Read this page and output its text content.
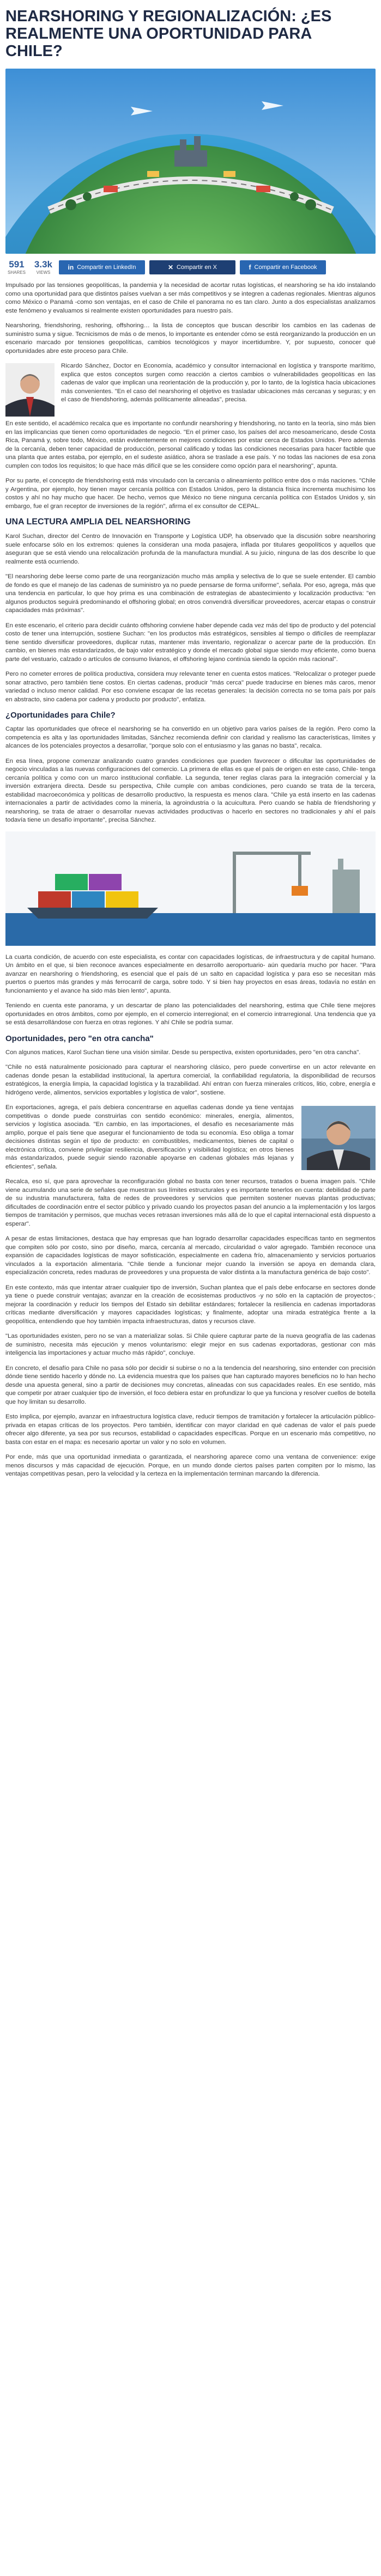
NEARSHORING Y REGIONALIZACIÓN: ¿ES REALMENTE UNA OPORTUNIDAD PARA CHILE?
591
SHARES
3.3k
VIEWS
in Compartir en LinkedIn	✕ Compartir en X	f Compartir en Facebook

Impulsado por las tensiones geopolíticas, la pandemia y la necesidad de acortar rutas logísticas, el nearshoring se ha ido instalando como una oportunidad para que distintos países vuelvan a ser más competitivos y se integren a cadenas regionales. Mientras algunos como México o Panamá -como son ventajas, en el caso de Chile el panorama no es tan claro. Junto a dos especialistas analizamos este fenómeno y evaluamos si realmente existen oportunidades para nuestro país.

Nearshoring, friendshoring, reshoring, offshoring… la lista de conceptos que buscan describir los cambios en las cadenas de suministro suma y sigue. Tecnicismos de más o de menos, lo importante es entender cómo se está reorganizando la producción en un escenario marcado por tensiones geopolíticas, cambios tecnológicos y mayor incertidumbre. Y, por supuesto, conocer qué oportunidades abre este proceso para Chile.

Ricardo Sánchez, Doctor en Economía, académico y consultor internacional en logística y transporte marítimo, explica que estos conceptos surgen como reacción a ciertos cambios o vulnerabilidades geopolíticas en las cadenas de valor que implican una reorientación de la producción y, por lo tanto, de la logística hacia ubicaciones más convenientes. "En el caso del nearshoring el objetivo es trasladar ubicaciones más cercanas y seguras; y en el caso de friendshoring, además políticamente alineadas", precisa.

En este sentido, el académico recalca que es importante no confundir nearshoring y friendshoring, no tanto en la teoría, sino más bien en las implicancias que tienen como oportunidades de negocio. "En el primer caso, los países del arco mesoamericano, desde Costa Rica, Panamá y, sobre todo, México, están evidentemente en mejores condiciones por estar cerca de Estados Unidos. Pero además de la cercanía, deben tener capacidad de producción, personal calificado y todas las condiciones necesarias para hacer factible que una planta que antes estaba, por ejemplo, en el sudeste asiático, ahora se traslade a ese país. Y no todas las naciones de esa zona cumplen con todos los requisitos; lo que hace más difícil que se les considere como opción para el nearshoring", apunta.

Por su parte, el concepto de friendshoring está más vinculado con la cercanía o alineamiento político entre dos o más naciones. "Chile y Argentina, por ejemplo, hoy tienen mayor cercanía política con Estados Unidos, pero la distancia física incrementa muchísimo los costos y ahí no hay mucho que hacer. De hecho, vemos que México no tiene ninguna cercanía política con Estados Unidos y, sin embargo, fue el gran receptor de inversiones de la región", afirma el ex consultor de CEPAL.

UNA LECTURA AMPLIA DEL NEARSHORING

Karol Suchan, director del Centro de Innovación en Transporte y Logística UDP, ha observado que la discusión sobre nearshoring suele enfocarse sólo en los extremos: quienes la consideran una moda pasajera, inflada por titulares geopolíticos y aquellos que aseguran que se está viendo una relocalización profunda de la manufactura mundial. A su juicio, ninguna de las dos describe lo que realmente está ocurriendo.

"El nearshoring debe leerse como parte de una reorganización mucho más amplia y selectiva de lo que se suele entender. El cambio de fondo es que el manejo de las cadenas de suministro ya no puede pensarse de forma uniforme", señala. Por eso, agrega, más que una tendencia en particular, lo que hoy prima es una combinación de estrategias de abastecimiento y localización productiva: "en algunos productos seguirá predominando el offshoring global; en otros convendrá diversificar proveedores, acercar etapas o construir capacidades más próximas".

En este escenario, el criterio para decidir cuánto offshoring conviene haber depende cada vez más del tipo de producto y del potencial costo de tener una interrupción, sostiene Suchan: "en los productos más estratégicos, sensibles al tiempo o difíciles de reemplazar tiene sentido diversificar proveedores, duplicar rutas, mantener más inventario, regionalizar o acercar parte de la producción. En cambio, en bienes más estandarizados, de bajo valor estratégico y donde el mercado global sigue siendo muy eficiente, como buena parte del vestuario, calzado o artículos de consumo livianos, el offshoring lejano continúa siendo la opción más racional".

Pero no cometer errores de política productiva, considera muy relevante tener en cuenta estos matices. "Relocalizar o proteger puede sonar atractivo, pero también tiene costos. En ciertas cadenas, producir "más cerca" puede traducirse en bienes más caros, menor variedad o incluso menor calidad. Por eso conviene escapar de las recetas generales: la decisión correcta no se toma país por país en abstracto, sino cadena por cadena y producto por producto", enfatiza.

¿Oportunidades para Chile?

Captar las oportunidades que ofrece el nearshoring se ha convertido en un objetivo para varios países de la región. Pero como la competencia es alta y las oportunidades limitadas, Sánchez recomienda definir con claridad y realismo las características, límites y alcances de los potenciales proyectos a desarrollar, "porque solo con el entusiasmo y las ganas no basta", recalca.

En esa línea, propone comenzar analizando cuatro grandes condiciones que pueden favorecer o dificultar las oportunidades de negocio vinculadas a las nuevas configuraciones del comercio. La primera de ellas es que el país de origen en este caso, Chile- tenga cercanía política y como con un marco institucional confiable. La segunda, tener reglas claras para la integración comercial y la inversión extranjera directa. Desde su perspectiva, Chile cumple con ambas condiciones, pero cuando se trata de la tercera, estabilidad macroeconómica y políticas de desarrollo productivo, la respuesta es menos clara. "Chile ya está inserto en las cadenas internacionales a partir de actividades como la minería, la agroindustria o la acuicultura. Pero cuando se habla de friendshoring y nearshoring, se trata de atraer o desarrollar nuevas actividades productivas o hacerlo en sectores no tradicionales y ahí el país todavía tiene un desafío importante", precisa Sánchez.

La cuarta condición, de acuerdo con este especialista, es contar con capacidades logísticas, de infraestructura y de capital humano. Un ámbito en el que, si bien reconoce avances especialmente en desarrollo aeroportuario- aún quedaría mucho por hacer. "Para avanzar en nearshoring o friendshoring, es esencial que el país dé un salto en capacidad logística y para eso se necesitan más puertos o puertos más grandes y más ferrocarril de carga, sobre todo. Y si bien hay proyectos en esas áreas, todavía no están en funcionamiento y el avance ha sido más bien lento", apunta.

Teniendo en cuenta este panorama, y un descartar de plano las potencialidades del nearshoring, estima que Chile tiene mejores oportunidades en otros ámbitos, como por ejemplo, en el comercio interregional; en el comercio intrarregional. Una tendencia que ya se está desarrollándose con fuerza en otras regiones. Y ahí Chile se podría sumar.

Oportunidades, pero "en otra cancha"

Con algunos matices, Karol Suchan tiene una visión similar. Desde su perspectiva, existen oportunidades, pero "en otra cancha".

"Chile no está naturalmente posicionado para capturar el nearshoring clásico, pero puede convertirse en un actor relevante en cadenas donde pesan la estabilidad institucional, la apertura comercial, la confiabilidad regulatoria, la disponibilidad de recursos estratégicos, la energía limpia, la capacidad logística y la trazabilidad. Ahí entran con fuerza minerales críticos, litio, cobre, energía e hidrógeno verde, alimentos, servicios exportables y logística de valor", sostiene.

En exportaciones, agrega, el país debiera concentrarse en aquellas cadenas donde ya tiene ventajas competitivas o donde puede construirlas con sentido económico: minerales, energía, alimentos, servicios y logística asociada. "En cambio, en las importaciones, el desafío es necesariamente más amplio, porque el país tiene que asegurar el funcionamiento de toda su economía. Eso obliga a tomar decisiones distintas según el tipo de producto: en combustibles, medicamentos, bienes de capital o electrónica crítica, conviene privilegiar resiliencia, diversificación y visibilidad logística; en otros bienes más estandarizados, puede seguir siendo razonable apoyarse en cadenas globales más lejanas y eficientes", señala.

Recalca, eso sí, que para aprovechar la reconfiguración global no basta con tener recursos, tratados o buena imagen país. "Chile viene acumulando una serie de señales que muestran sus límites estructurales y es importante tenerlos en cuenta: debilidad de parte de su industria manufacturera, falta de redes de proveedores y servicios que permiten sostener nuevas plantas productivas; dificultades de coordinación entre el sector público y privado cuando los proyectos pasan del anuncio a la implementación y los largos tiempos de tramitación y permisos, que muchas veces retrasan inversiones más allá de lo que el capital internacional está dispuesto a esperar".

A pesar de estas limitaciones, destaca que hay empresas que han logrado desarrollar capacidades específicas tanto en segmentos que compiten sólo por costo, sino por diseño, marca, cercanía al mercado, circularidad o valor agregado. También reconoce una expansión de capacidades logísticas de mayor sofisticación, especialmente en cadena frío, almacenamiento y servicios portuarios vinculados a la exportación alimentaria. "Chile tiende a funcionar mejor cuando la inversión se apoya en demanda clara, especialización concreta, redes maduras de proveedores y una propuesta de valor distinta a la manufactura genérica de bajo costo".

En este contexto, más que intentar atraer cualquier tipo de inversión, Suchan plantea que el país debe enfocarse en sectores donde ya tiene o puede construir ventajas; avanzar en la creación de ecosistemas productivos -y no sólo en la captación de proyectos-; mejorar la coordinación y reducir los tiempos del Estado sin debilitar estándares; fortalecer la resiliencia en cadenas importadoras críticas mediante diversificación y mayores capacidades logísticas; y finalmente, adoptar una mirada estratégica frente a la geopolítica, entendiendo que hoy también impacta infraestructuras, datos y recursos clave.

"Las oportunidades existen, pero no se van a materializar solas. Si Chile quiere capturar parte de la nueva geografía de las cadenas de suministro, necesita más ejecución y menos voluntarismo: elegir mejor en sus cadenas exportadoras, gestionar con más inteligencia las importaciones y actuar mucho más rápido", concluye.

En concreto, el desafío para Chile no pasa sólo por decidir si subirse o no a la tendencia del nearshoring, sino entender con precisión dónde tiene sentido hacerlo y dónde no. La evidencia muestra que los países que han capturado mayores beneficios no lo han hecho desde una apuesta general, sino a partir de decisiones muy concretas, alineadas con sus capacidades reales. En ese sentido, más que competir por atraer cualquier tipo de inversión, el foco debiera estar en profundizar lo que ya funciona y resolver cuellos de botella que hoy limitan su desarrollo.

Esto implica, por ejemplo, avanzar en infraestructura logística clave, reducir tiempos de tramitación y fortalecer la articulación público-privada en etapas críticas de los proyectos. Pero también, identificar con mayor claridad en qué cadenas de valor el país puede ofrecer algo diferente, ya sea por sus recursos, estabilidad o capacidades específicas. Porque en un escenario más competitivo, no basta con estar en el mapa: es necesario aportar un valor y no solo en volumen.

Por ende, más que una oportunidad inmediata o garantizada, el nearshoring aparece como una ventana de convenience: exige menos discursos y más capacidad de ejecución. Porque, en un mundo donde ciertos países parten compiten por lo mismo, las ventajas competitivas pesan, pero la velocidad y la certeza en la implementación terminan marcando la diferencia.
